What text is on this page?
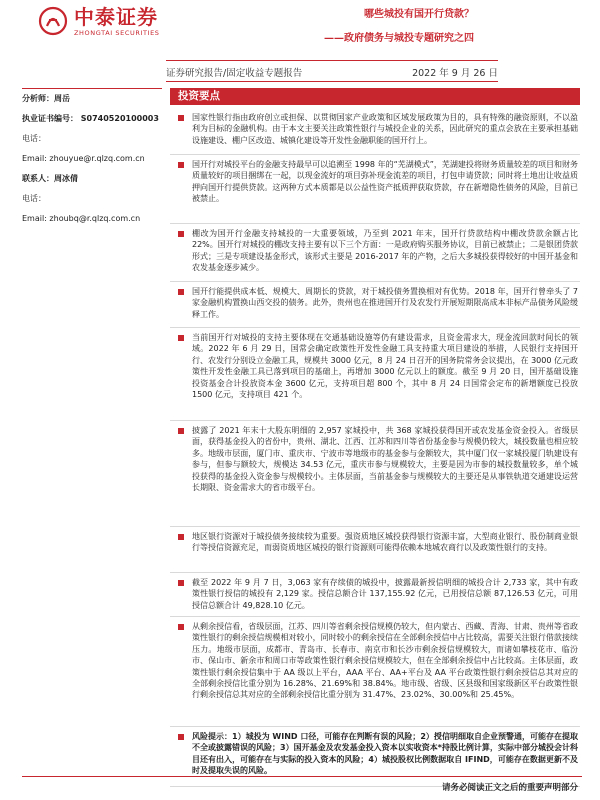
中泰证券
ZHONGTAI SECURITIES
哪些城投有国开行贷款？
——政府债务与城投专题研究之四
证券研究报告/固定收益专题报告	2022 年 9 月 26 日
分析师：周岳
执业证书编号： S0740520100003
电话：
Email: zhouyue@r.qlzq.com.cn
联系人：周冰倩
电话：
Email: zhoubq@r.qlzq.com.cn
投资要点
国家性银行指由政府创立或担保、以贯彻国家产业政策和区域发展政策为目的，具有特殊的融资原则，不以盈利为目标的金融机构。由于本文主要关注政策性银行与城投企业的关系，因此研究的重点会放在主要承担基础设施建设、棚户区改造、城镇化建设等开发性金融职能的国开行上。
国开行对城投平台的金融支持最早可以追溯至 1998 年的“芜湖模式”，芜湖建投将财务质量较差的项目和财务质量较好的项目捆绑在一起，以现金流好的项目弥补现金流差的项目，打包申请贷款；同时将土地出让收益质押向国开行提供贷款。这两种方式本质都是以公益性资产抵质押获取贷款，存在新增隐性债务的风险，目前已被禁止。
棚改为国开行金融支持城投的一大重要领域，乃至到 2021 年末，国开行贷款结构中棚改贷款余额占比 22%。国开行对城投的棚改支持主要有以下三个方面：一是政府购买服务协议，目前已被禁止；二是银团贷款形式；三是专项建设基金形式，该形式主要是 2016-2017 年的产物，之后大多城投获得较好的中国开基金和农发基金逐步减少。
国开行能提供成本低、规模大、周期长的贷款，对于城投债务置换相对有优势。2018 年，国开行曾牵头了 7 家金融机构置换山西交投的债务。此外，贵州也在推进国开行及农发行开展短期限高成本非标产品债务风险缓释工作。
当前国开行对城投的支持主要体现在交通基础设施等仍有建设需求，且资金需求大，现金流回款时间长的领域。2022 年 6 月 29 日，国常会确定政策性开发性金融工具支持重大项目建设的举措，人民银行支持国开行、农发行分别设立金融工具，规模共 3000 亿元，8 月 24 日召开的国务院常务会议提出，在 3000 亿元政策性开发性金融工具已落到项目的基础上，再增加 3000 亿元以上的额度。截至 9 月 20 日，国开基础设施投资基金合计投放资本金 3600 亿元，支持项目超 800 个，其中 8 月 24 日国常会定布的新增额度已投放 1500 亿元，支持项目 421 个。
披露了 2021 年末十大股东明细的 2,957 家城投中，共 368 家城投获得国开或农发基金资金投入。省级层面，获得基金投入的省份中，贵州、湖北、江西、江苏和四川等省份基金参与规模仍较大，城投数量也相应较多。地级市层面，厦门市、重庆市、宁波市等地级市的基金参与金额较大，其中厦门仅一家城投厦门轨建设有参与，但参与额较大，规模达 34.53 亿元，重庆市参与规模较大，主要是因为市参的城投数量较多，单个城投获得的基金投入资金参与规模较小。主体层面，当前基金参与规模较大的主要还是从事铁轨道交通建设运营长期限、资金需求大的省市级平台。
地区银行资源对于城投债务接续较为重要。强资质地区城投获得银行资源丰富，大型商业银行、股份制商业银行等授信资源充足，而弱资质地区城投的银行资源则可能得依赖本地城农商行以及政策性银行的支持。
截至 2022 年 9 月 7 日，3,063 家有存续债的城投中，披露最新授信明细的城投合计 2,733 家，其中有政策性银行授信的城投有 2,129 家。授信总额合计 137,155.92 亿元，已用授信总额 87,126.53 亿元，可用授信总额合计 49,828.10 亿元。
从剩余授信看，省级层面，江苏、四川等省剩余授信规模仍较大，但内蒙古、西藏、青海、甘肃、贵州等省政策性银行的剩余授信规模相对较小，同时较小的剩余授信在全部剩余授信中占比较高，需要关注银行借款接续压力。地级市层面，成都市、青岛市、长春市、南京市和长沙市剩余授信规模较大，而诸如攀枝花市、临汾市、保山市、新余市和周口市等政策性银行剩余授信规模较大，但在全部剩余授信中占比较高。主体层面，政策性银行剩余授信集中于 AA 级以上平台，AAA 平台、AA+平台及 AA 平台政策性银行剩余授信总其对应的全部剩余授信比重分别为 16.28%、21.69%和 38.84%。地市级、省级、区县级和国家级新区平台政策性银行剩余授信总其对应的全部剩余授信比重分别为 31.47%、23.02%、30.00%和 25.45%。
风险提示：1）城投为 WIND 口径，可能存在判断有误的风险；2）授信明细取自企业预警通，可能存在提取不全或披露错误的风险；3）国开基金及农发基金投入资本以实收资本*持股比例计算，实际中部分城投会计科目还有出入，可能存在与实际的投入资本的风险；4）城投股权比例数据取自 IFIND，可能存在数据更新不及时及提取失误的风险。
请务必阅读正文之后的重要声明部分
